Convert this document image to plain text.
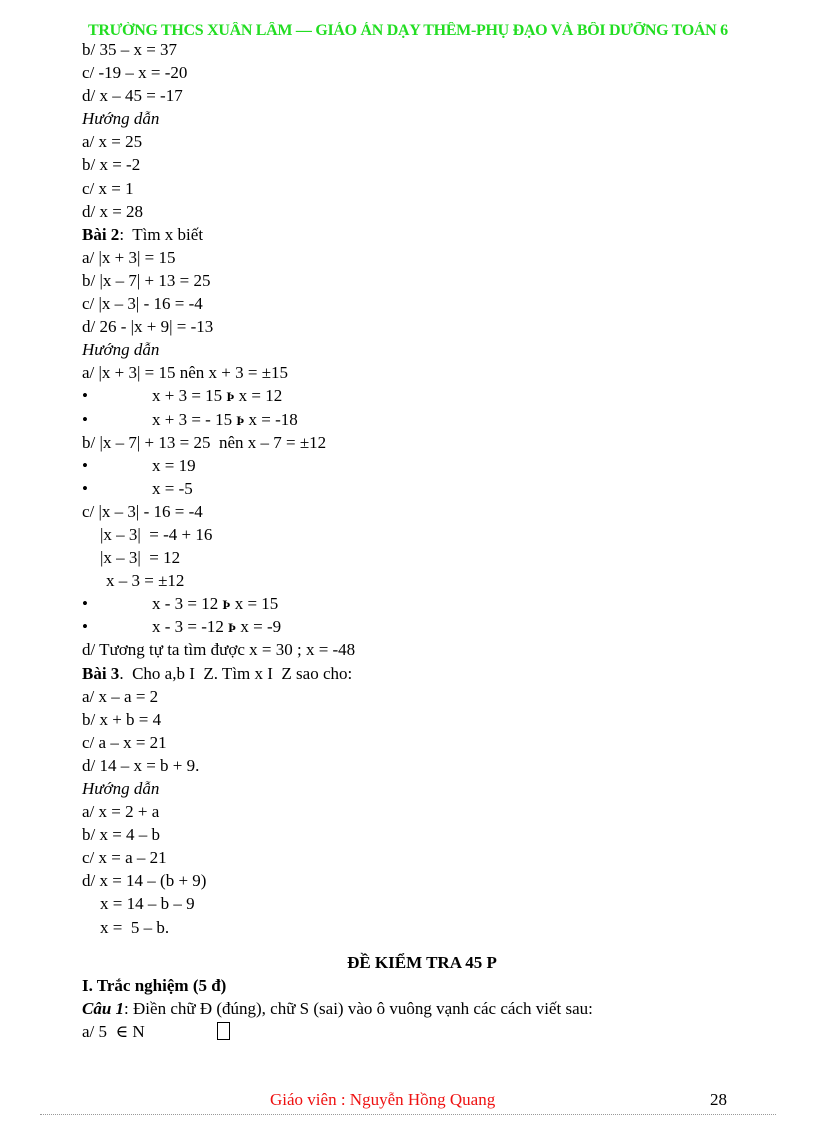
TRƯỜNG THCS XUÂN LÂM — GIÁO ÁN DẠY THÊM-PHỤ ĐẠO VÀ BỒI DƯỠNG TOÁN 6
b/ 35 – x = 37
c/ -19 – x = -20
d/ x – 45 = -17
Hướng dẫn
a/ x = 25
b/ x = -2
c/ x = 1
d/ x = 28
Bài 2:  Tìm x biết
a/ |x + 3| = 15
b/ |x – 7| + 13 = 25
c/ |x – 3| - 16 = -4
d/ 26 - |x + 9| = -13
Hướng dẫn
a/ |x + 3| = 15 nên x + 3 = ±15

•

	x + 3 = 15 Þ x = 12

•

	x + 3 = - 15 Þ x = -18

b/ |x – 7| + 13 = 25  nên x – 7 = ±12

•

	x = 19

•

	x = -5

c/ |x – 3| - 16 = -4
|x – 3|  = -4 + 16
|x – 3|  = 12
x – 3 = ±12

•

	x - 3 = 12 Þ x = 15

•

	x - 3 = -12 Þ x = -9

d/ Tương tự ta tìm được x = 30 ; x = -48
Bài 3.  Cho a,b I  Z. Tìm x I  Z sao cho:
a/ x – a = 2
b/ x + b = 4
c/ a – x = 21
d/ 14 – x = b + 9.
Hướng dẫn
a/ x = 2 + a
b/ x = 4 – b
c/ x = a – 21
d/ x = 14 – (b + 9)
x = 14 – b – 9
x =  5 – b.
ĐỀ KIỂM TRA 45 P
I. Trắc nghiệm (5 đ)
Câu 1: Điền chữ Đ (đúng), chữ S (sai) vào ô vuông vạnh các cách viết sau:
a/ 5  ∈ N
Giáo viên : Nguyễn Hồng Quang	28
